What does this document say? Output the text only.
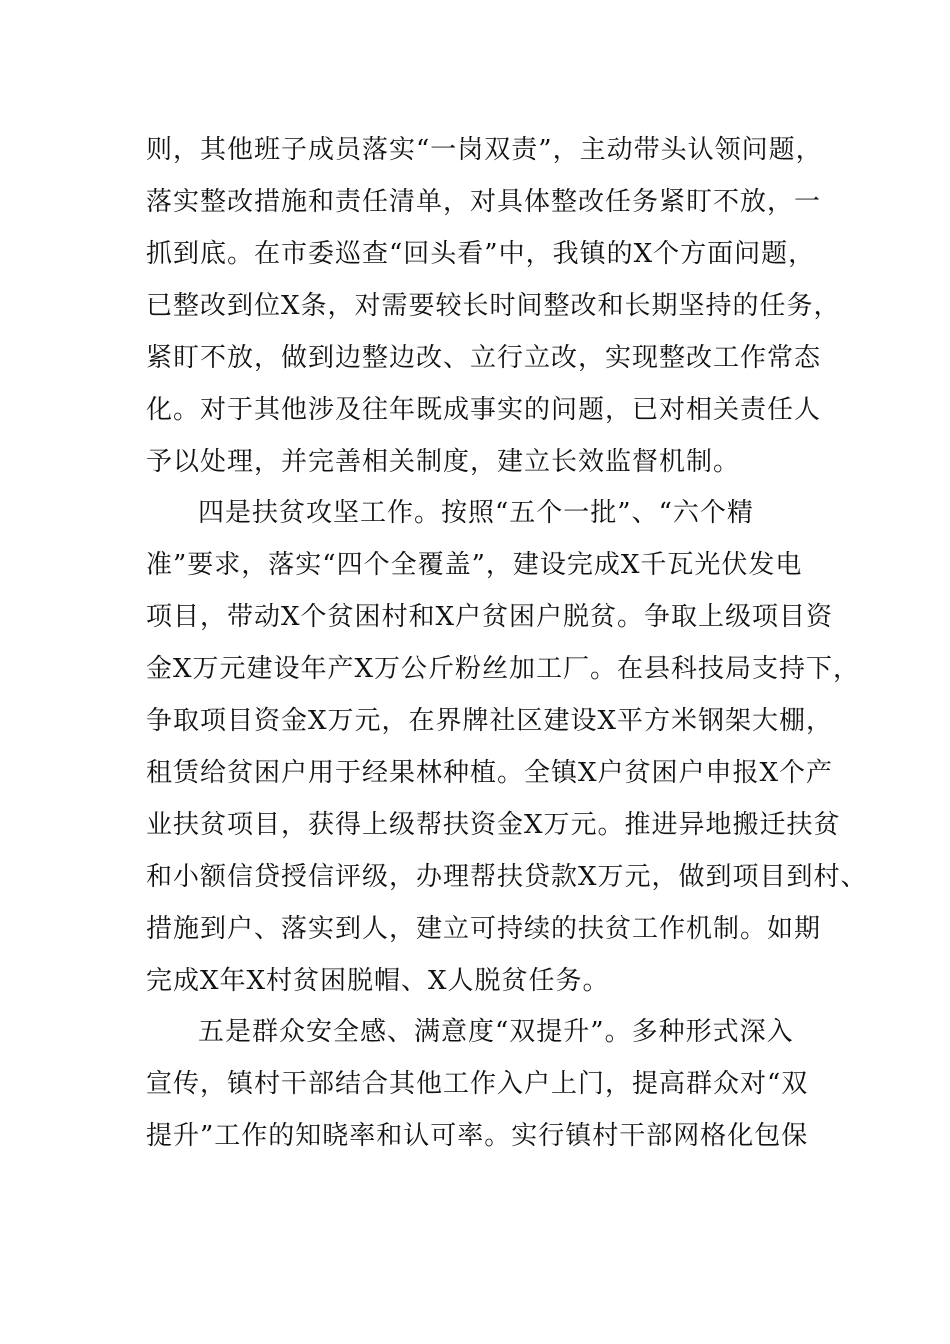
则，其他班子成员落实“一岗双责”，主动带头认领问题，
落实整改措施和责任清单，对具体整改任务紧盯不放，一
抓到底。在市委巡查“回头看”中，我镇的X个方面问题，
已整改到位X条，对需要较长时间整改和长期坚持的任务，
紧盯不放，做到边整边改、立行立改，实现整改工作常态
化。对于其他涉及往年既成事实的问题，已对相关责任人
予以处理，并完善相关制度，建立长效监督机制。
四是扶贫攻坚工作。按照“五个一批”、“六个精
准”要求，落实“四个全覆盖”，建设完成X千瓦光伏发电
项目，带动X个贫困村和X户贫困户脱贫。争取上级项目资
金X万元建设年产X万公斤粉丝加工厂。在县科技局支持下，
争取项目资金X万元，在界牌社区建设X平方米钢架大棚，
租赁给贫困户用于经果林种植。全镇X户贫困户申报X个产
业扶贫项目，获得上级帮扶资金X万元。推进异地搬迁扶贫
和小额信贷授信评级，办理帮扶贷款X万元，做到项目到村、
措施到户、落实到人，建立可持续的扶贫工作机制。如期
完成X年X村贫困脱帽、X人脱贫任务。
五是群众安全感、满意度“双提升”。多种形式深入
宣传，镇村干部结合其他工作入户上门，提高群众对“双
提升”工作的知晓率和认可率。实行镇村干部网格化包保
